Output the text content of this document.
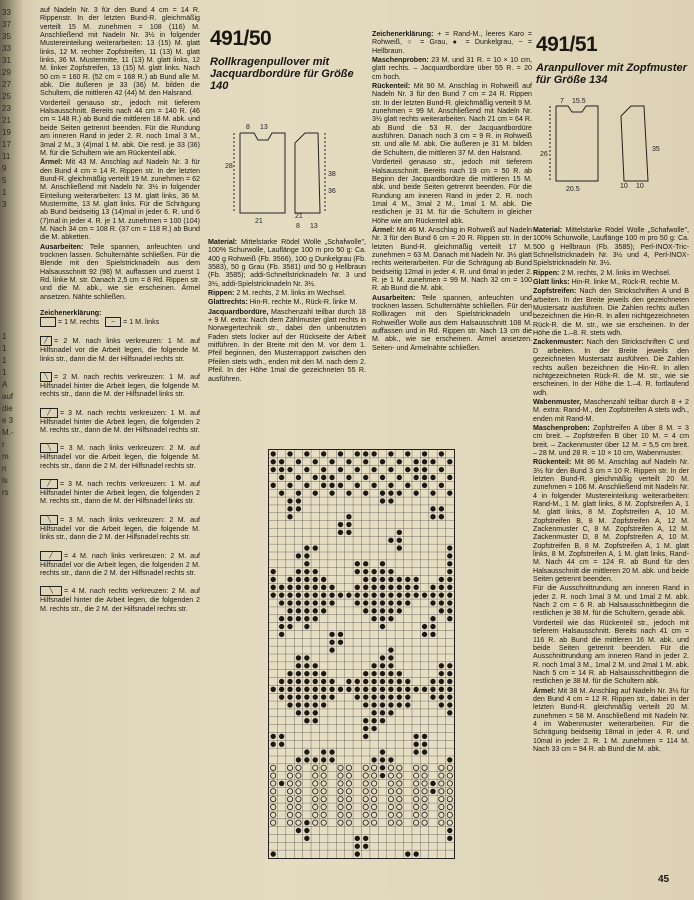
33
37
35
33
31
29
27
25
23
21
19
17
11
9
5
1
3
1
1
1
1
A
auf
die
e 3
M.-
r
m
n
ls
rs

auf Nadeln Nr. 3 für den Bund 4 cm = 14 R. Rippenstr. In der letzten Bund-R. gleichmäßig verteilt 15 M. zunehmen = 108 (116) M. Anschließend mit Nadeln Nr. 3½ in folgender Mustereinteilung weiterarbeiten: 13 (15) M. glatt links, 12 M. rechter Zopfstreifen, 11 (13) M. glatt links, 36 M. Mustermitte, 11 (13) M. glatt links, 12 M. linker Zopfstreifen, 13 (15) M. glatt links. Nach 50 cm = 160 R. (52 cm = 168 R.) ab Bund alle M. abk. Die äußeren je 33 (36) M. bilden die Schultern, die mittleren 42 (44) M. den Halsrand.

Vorderteil genauso str., jedoch mit tieferem Halsausschnitt. Bereits nach 44 cm = 140 R. (46 cm = 148 R.) ab Bund die mittleren 18 M. abk. und beide Seiten getrennt beenden. Für die Rundung am inneren Rand in jeder 2. R. noch 1mal 3 M., 3mal 2 M., 3 (4)mal 1 M. abk. Die restl. je 33 (36) M. für die Schultern wie am Rückenteil abk.

Ärmel: Mit 43 M. Anschlag auf Nadeln Nr. 3 für den Bund 4 cm = 14 R. Rippen str. In der letzten Bund-R. gleichmäßig verteilt 19 M. zunehmen = 62 M. Anschließend mit Nadeln Nr. 3½ in folgender Einteilung weiterarbeiten: 13 M. glatt links, 36 M. Mustermitte, 13 M. glatt links. Für die Schrägung ab Bund beidseitig 13 (14)mal in jeder 6. R. und 6 (7)mal in jeder 4. R. je 1 M. zunehmen = 100 (104) M. Nach 34 cm = 108 R. (37 cm = 118 R.) ab Bund die M. abketten.

Ausarbeiten: Teile spannen, anfeuchten und trocknen lassen. Schulternähte schließen. Für die Blende mit den Spielstricknadeln aus dem Halsausschnitt 92 (98) M. auffassen und zuerst 1 Rd. linke M. str. Danach 2,5 cm = 8 Rd. Rippen str. und die M. abk., wie sie erscheinen. Ärmel ansetzen. Nähte schließen.

Zeichenerklärung:

= 1 M. rechts – = 1 M. links

╱ = 2 M. nach links verkreuzen: 1 M. auf Hilfsnadel vor die Arbeit legen, die folgende M. links str., dann die M. der Hilfsnadel rechts str.
╲ = 2 M. nach rechts verkreuzen: 1 M. auf Hilfsnadel hinter die Arbeit legen, die folgende M. rechts str., dann die M. der Hilfsnadel links str.
╱ = 3 M. nach rechts verkreuzen: 1 M. auf Hilfsnadel hinter die Arbeit legen, die folgenden 2 M. rechts str., dann die M. der Hilfsnadel rechts str.
╲ = 3 M. nach links verkreuzen: 2 M. auf Hilfsnadel vor die Arbeit legen, die folgende M. rechts str., dann die 2 M. der Hilfsnadel rechts str.
╱ = 3 M. nach rechts verkreuzen: 1 M. auf Hilfsnadel hinter die Arbeit legen, die folgenden 2 M. rechts str., dann die M. der Hilfsnadel links str.
╲ = 3 M. nach links verkreuzen: 2 M. auf Hilfsnadel vor die Arbeit legen, die folgende M. links str., dann die 2 M. der Hilfsnadel rechts str.
╱ = 4 M. nach links verkreuzen: 2 M. auf Hilfsnadel vor die Arbeit legen, die folgenden 2 M. rechts str., dann die 2 M. der Hilfsnadel rechts str.
╲ = 4 M. nach rechts verkreuzen: 2 M. auf Hilfsnadel hinter die Arbeit legen, die folgenden 2 M. rechts str., die 2 M. der Hilfsnadel rechts str.
491/50
Rollkragenpullover mit Jacquardbordüre für Größe 140
8 13
28
38
21
8 13
21
36

Material: Mittelstarke Rödel Wolle „Schafwolle", 100% Schurwolle, Lauflänge 100 m pro 50 g: Ca. 400 g Rohweiß (Fb. 3566), 100 g Dunkelgrau (Fb. 3583), 50 g Grau (Fb. 3581) und 50 g Hellbraun (Fb. 3585); addi-Schnellstricknadeln Nr. 3 und 3½, addi-Spielstricknadeln Nr. 3½.

Rippen: 2 M. rechts, 2 M. links im Wechsel.

Glattrechts: Hin-R. rechte M., Rück-R. linke M.

Jacquardbordüre, Maschenzahl teilbar durch 18 + 9 M. extra: Nach dem Zählmuster glatt rechts in Norwegertechnik str., dabei den unbenutzten Faden stets locker auf der Rückseite der Arbeit mitführen. In der Breite mit den M. vor dem 1. Pfeil beginnen, den Musterrapport zwischen den Pfeilen stets wdh., enden mit den M. nach dem 2. Pfeil. In der Höhe 1mal die gezeichneten 55 R. ausführen.

Zeichenerklärung: + = Rand-M., leeres Karo = Rohweiß, ○ = Grau, ● = Dunkelgrau, − = Hellbraun.

Maschenproben: 23 M. und 31 R. = 10 × 10 cm, glatt rechts. – Jacquardbordüre über 55 R. = 20 cm hoch.

Rückenteil: Mit 90 M. Anschlag in Rohweiß auf Nadeln Nr. 3 für den Bund 7 cm = 24 R. Rippen str. In der letzten Bund-R. gleichmäßig verteilt 9 M. zunehmen = 99 M. Anschließend mit Nadeln Nr. 3½ glatt rechts weiterarbeiten. Nach 21 cm = 64 R. ab Bund die 53 R. der Jacquardbordüre ausführen. Danach noch 3 cm = 9 R. in Rohweiß str. und alle M. abk. Die äußeren je 31 M. bilden die Schultern, die mittleren 37 M. den Halsrand.

Vorderteil genauso str., jedoch mit tieferem Halsausschnitt. Bereits nach 19 cm = 50 R. ab Beginn der Jacquardbordüre die mittleren 15 M. abk. und beide Seiten getrennt beenden. Für die Rundung am inneren Rand in jeder 2. R. noch 1mal 4 M., 3mal 2 M., 1mal 1 M. abk. Die restlichen je 31 M. für die Schultern in gleicher Höhe wie am Rückenteil abk.

Ärmel: Mit 46 M. Anschlag in Rohweiß auf Nadeln Nr. 3 für den Bund 6 cm = 20 R. Rippen str. In der letzten Bund-R. gleichmäßig verteilt 17 M. zunehmen = 63 M. Danach mit Nadeln Nr. 3½ glatt rechts weiterarbeiten. Für die Schrägung ab Bund beidseitig 12mal in jeder 4. R. und 6mal in jeder 2. R. je 1 M. zunehmen = 99 M. Nach 32 cm = 100 R. ab Bund die M. abk.

Ausarbeiten: Teile spannen, anfeuchten und trocknen lassen. Schulternähte schließen. Für den Rollkragen mit den Spielstricknadeln und Rohweißer Wolle aus dem Halsausschnitt 108 M. auffassen und in Rd. Rippen str. Nach 13 cm die M. abk., wie sie erscheinen. Ärmel ansetzen. Seiten- und Ärmelnähte schließen.

491/51
Aranpullover mit Zopfmuster für Größe 134
7 15.5
20.5	10 10
26
35

Material: Mittelstarke Rödel Wolle „Schafwolle", 100% Schurwolle, Lauflänge 100 m pro 50 g: Ca. 500 g Hellbraun (Fb. 3585); Perl-INOX-Tric-Schnellstricknadeln Nr. 3½ und 4, Perl-INOX-Spielstricknadeln Nr. 3½.

Rippen: 2 M. rechts, 2 M. links im Wechsel.

Glatt links: Hin-R. linke M., Rück-R. rechte M.

Zopfstreifen: Nach den Strickschriften A und B arbeiten. In der Breite jeweils den gezeichneten Mustersatz ausführen. Die Zahlen rechts außen bezeichnen die Hin-R. In allen nichtgezeichneten Rück-R. die M. str., wie sie erscheinen. In der Höhe die 1.–8. R. stets wdh.

Zackenmuster: Nach den Strickschriften C und D arbeiten. In der Breite jeweils den gezeichneten Mustersatz ausführen. Die Zahlen rechts außen bezeichnen die Hin-R. In allen nichtgezeichneten Rück-R. die M. str., wie sie erscheinen. In der Höhe die 1.–4. R. fortlaufend wdh.

Wabenmuster, Maschenzahl teilbar durch 8 + 2 M. extra: Rand-M., den Zopfstreifen A stets wdh., enden mit Rand-M.

Maschenproben: Zopfstreifen A über 8 M. = 3 cm breit. – Zopfstreifen B über 10 M. = 4 cm breit. – Zackenmuster über 12 M. = 5,5 cm breit. – 28 M. und 28 R. = 10 × 10 cm, Wabenmuster.

Rückenteil: Mit 86 M. Anschlag auf Nadeln Nr. 3½ für den Bund 3 cm = 10 R. Rippen str. In der letzten Bund-R. gleichmäßig verteilt 20 M. zunehmen = 106 M. Anschließend mit Nadeln Nr. 4 in folgender Mustereinteilung weiterarbeiten: Rand-M., 1 M. glatt links, 8 M. Zopfstreifen A, 1 M. glatt links, 8 M. Zopfstreifen A, 10 M. Zopfstreifen B, 8 M. Zopfstreifen A, 12 M. Zackenmuster C, 8 M. Zopfstreifen A, 12 M. Zackenmuster D, 8 M. Zopfstreifen A, 10 M. Zopfstreifen B, 8 M. Zopfstreifen A, 1 M. glatt links, 8 M. Zopfstreifen A, 1 M. glatt links, Rand-M. Nach 44 cm = 124 R. ab Bund für den Halsausschnitt die mittleren 20 M. abk. und beide Seiten getrennt beenden.

Für die Ausschnittrundung am inneren Rand in jeder 2. R. noch 1mal 3 M. und 1mal 2 M. abk. Nach 2 cm = 6 R. ab Halsausschnittbeginn die restlichen je 38 M. für die Schultern, gerade abk.

Vorderteil wie das Rückenteil str., jedoch mit tieferem Halsausschnitt. Bereits nach 41 cm = 116 R. ab Bund die mittleren 16 M. abk. und beide Seiten getrennt beenden. Für die Ausschnittrundung am inneren Rand in jeder 2. R. noch 1mal 3 M., 1mal 2 M. und 2mal 1 M. abk. Nach 5 cm = 14 R. ab Halsausschnittbeginn die restlichen je 38 M. für die Schultern abk.

Ärmel: Mit 38 M. Anschlag auf Nadeln Nr. 3½ für den Bund 4 cm = 12 R. Rippen str., dabei in der letzten Bund-R. gleichmäßig verteilt 20 M. zunehmen = 58 M. Anschließend mit Nadeln Nr. 4 im Wabenmuster weiterarbeiten. Für die Schrägung beidseitig 18mal in jeder 4. R. und 10mal in jeder 2. R. 1 M. zunehmen = 114 M. Nach 33 cm = 94 R. ab Bund die M. abk.

45
